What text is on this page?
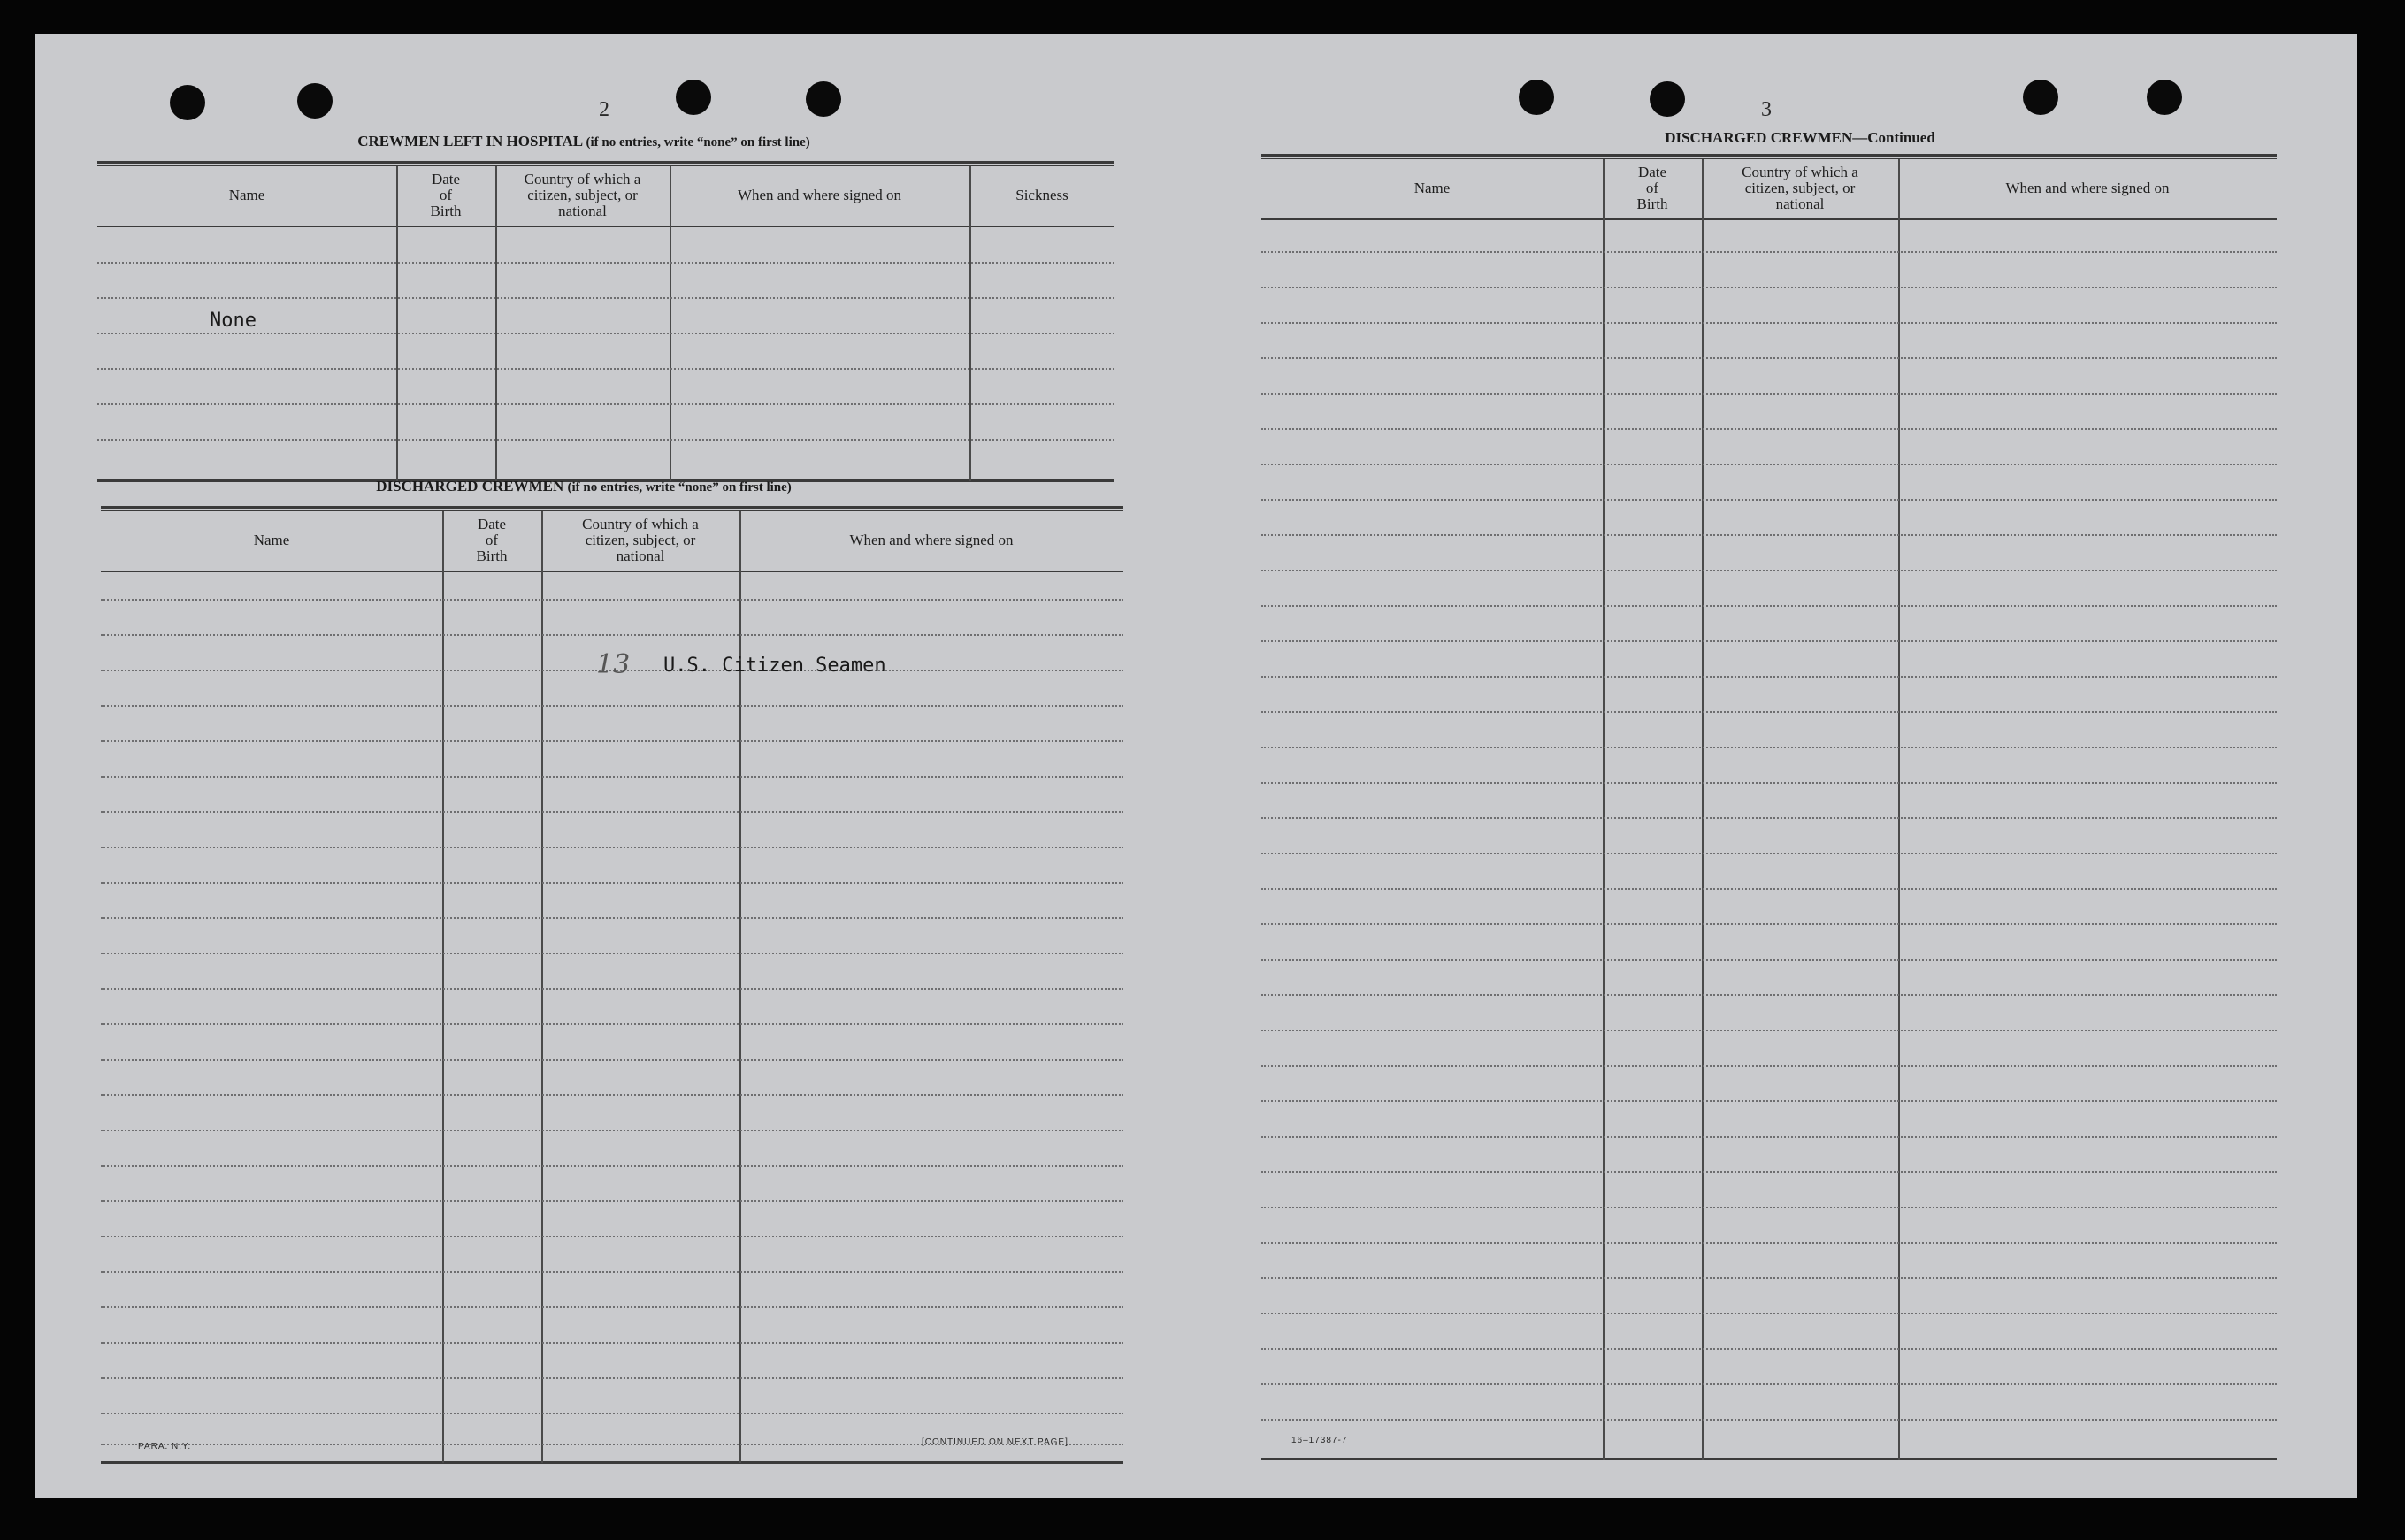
2
CREWMEN LEFT IN HOSPITAL (if no entries, write “none” on first line)
Name
Date
of
Birth
Country of which a
citizen, subject, or
national
When and where signed on	Sickness
None
DISCHARGED CREWMEN (if no entries, write “none” on first line)
Name
Date
of
Birth
Country of which a
citizen, subject, or
national
When and where signed on
13 U.S. Citizen Seamen
PARA. N.Y.	[CONTINUED ON NEXT PAGE]
3
DISCHARGED CREWMEN—Continued
Name
Date
of
Birth
Country of which a
citizen, subject, or
national
When and where signed on
16–17387-7
